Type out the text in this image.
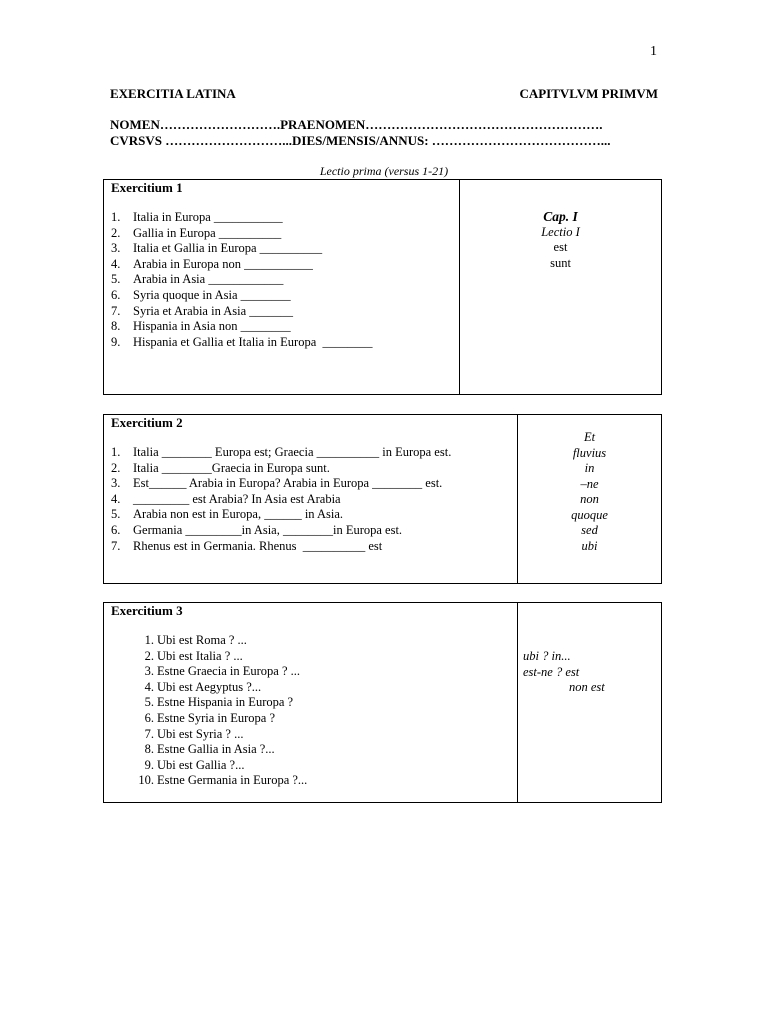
1
EXERCITIA LATINA	CAPITVLVM PRIMVM
NOMEN……………………….PRAENOMEN……………………………………………….
CVRSVS ………………………...DIES/MENSIS/ANNUS: …………………………………...
Lectio prima (versus 1-21)
Exercitium 1
1. Italia in Europa ___________
2. Gallia in Europa __________
3. Italia et Gallia in Europa __________
4. Arabia in Europa non ___________
5. Arabia in Asia ____________
6. Syria quoque in Asia ________
7. Syria et Arabia in Asia _______
8. Hispania in Asia non ________
9. Hispania et Gallia et Italia in Europa  ________
Cap. I
Lectio I
est
sunt
Exercitium 2
1. Italia ________ Europa est; Graecia __________ in Europa est.
2. Italia ________Graecia in Europa sunt.
3. Est______ Arabia in Europa? Arabia in Europa ________ est.
4. _________ est Arabia? In Asia est Arabia
5. Arabia non est in Europa, ______ in Asia.
6. Germania _________in Asia, ________in Europa est.
7. Rhenus est in Germania. Rhenus  __________ est
Et
fluvius
in
–ne
non
quoque
sed
ubi
Exercitium 3
1. Ubi est Roma ? ...
2. Ubi est Italia ? ...
3. Estne Graecia in Europa ? ...
4. Ubi est Aegyptus ?...
5. Estne Hispania in Europa ?
6. Estne Syria in Europa ?
7. Ubi est Syria ? ...
8. Estne Gallia in Asia ?...
9. Ubi est Gallia ?...
10. Estne Germania in Europa ?...
ubi ? in...
est-ne ? est
non est
